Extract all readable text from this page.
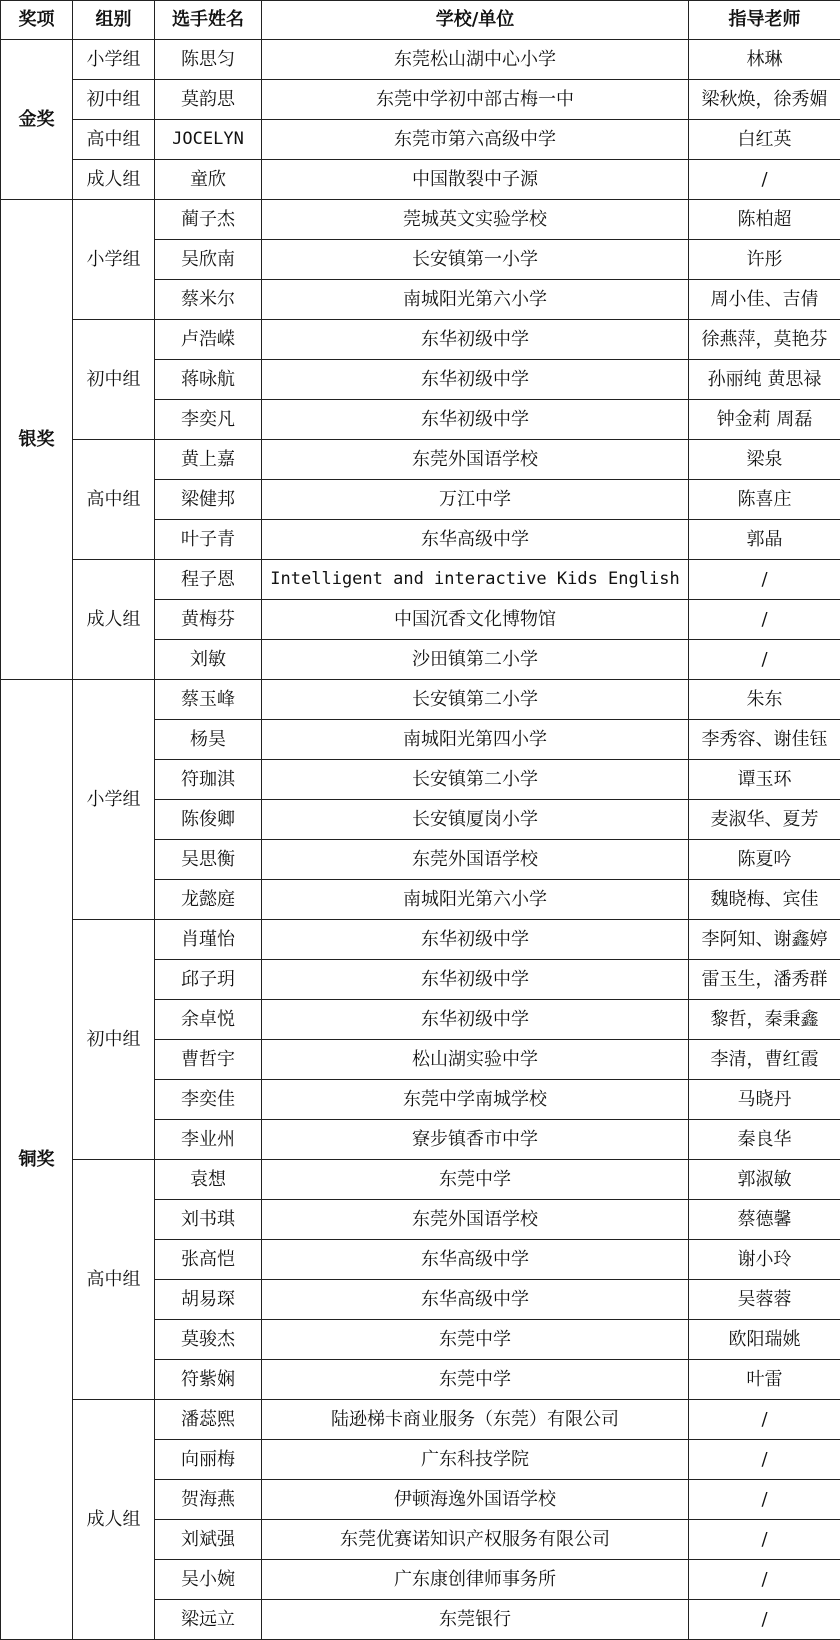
奖项	组别	选手姓名	学校/单位	指导老师
金奖	小学组	陈思匀	东莞松山湖中心小学	林琳
	初中组	莫韵思	东莞中学初中部古梅一中	梁秋焕，徐秀媚
	高中组	JOCELYN	东莞市第六高级中学	白红英
	成人组	童欣	中国散裂中子源	/
银奖	小学组	蔺子杰	莞城英文实验学校	陈柏超
		吴欣南	长安镇第一小学	许彤
		蔡米尔	南城阳光第六小学	周小佳、吉倩
	初中组	卢浩嵘	东华初级中学	徐燕萍，莫艳芬
		蒋咏航	东华初级中学	孙丽纯 黄思禄
		李奕凡	东华初级中学	钟金莉 周磊
	高中组	黄上嘉	东莞外国语学校	梁泉
		梁健邦	万江中学	陈喜庄
		叶子青	东华高级中学	郭晶
	成人组	程子恩	Intelligent and interactive Kids English	/
		黄梅芬	中国沉香文化博物馆	/
		刘敏	沙田镇第二小学	/
铜奖	小学组	蔡玉峰	长安镇第二小学	朱东
		杨昊	南城阳光第四小学	李秀容、谢佳钰
		符珈淇	长安镇第二小学	谭玉环
		陈俊卿	长安镇厦岗小学	麦淑华、夏芳
		吴思衡	东莞外国语学校	陈夏吟
		龙懿庭	南城阳光第六小学	魏晓梅、宾佳
	初中组	肖瑾怡	东华初级中学	李阿知、谢鑫婷
		邱子玥	东华初级中学	雷玉生，潘秀群
		余卓悦	东华初级中学	黎哲，秦秉鑫
		曹哲宇	松山湖实验中学	李清，曹红霞
		李奕佳	东莞中学南城学校	马晓丹
		李业州	寮步镇香市中学	秦良华
	高中组	袁想	东莞中学	郭淑敏
		刘书琪	东莞外国语学校	蔡德馨
		张高恺	东华高级中学	谢小玲
		胡易琛	东华高级中学	吴蓉蓉
		莫骏杰	东莞中学	欧阳瑞姚
		符紫娴	东莞中学	叶雷
	成人组	潘蕊熙	陆逊梯卡商业服务（东莞）有限公司	/
		向丽梅	广东科技学院	/
		贺海燕	伊顿海逸外国语学校	/
		刘斌强	东莞优赛诺知识产权服务有限公司	/
		吴小婉	广东康创律师事务所	/
		梁远立	东莞银行	/
